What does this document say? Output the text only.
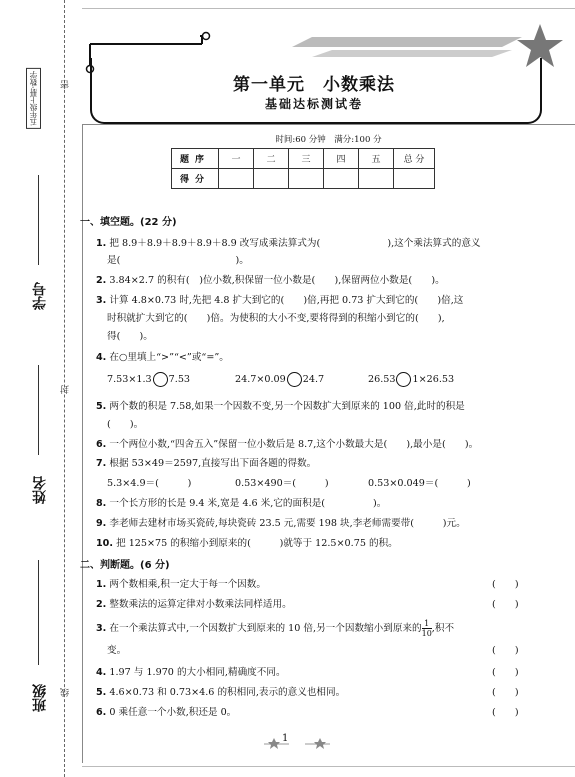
五年级上册·数学	密
封
线
学号
姓名
班级
第一单元　小数乘法
基础达标测试卷
时间:60 分钟　满分:100 分
题序	一	二	三	四	五	总 分
得分						
一、填空题。(22 分)
1. 把 8.9＋8.9＋8.9＋8.9＋8.9 改写成乘法算式为(　　　　　　　),这个乘法算式的意义
是(　　　　　　　　　　　　)。
2. 3.84×2.7 的积有(　)位小数,积保留一位小数是(　　),保留两位小数是(　　)。
3. 计算 4.8×0.73 时,先把 4.8 扩大到它的(　　)倍,再把 0.73 扩大到它的(　　)倍,这
时积就扩大到它的(　　)倍。为使积的大小不变,要将得到的积缩小到它的(　　),
得(　　)。
4. 在○里填上“>”“<”或“=”。
7.53×1.3 7.53	24.7×0.09 24.7	26.53 1×26.53
5. 两个数的积是 7.58,如果一个因数不变,另一个因数扩大到原来的 100 倍,此时的积是
(　　)。
6. 一个两位小数,“四舍五入”保留一位小数后是 8.7,这个小数最大是(　　),最小是(　　)。
7. 根据 53×49＝2597,直接写出下面各题的得数。
5.3×4.9＝(　　　)	0.53×490＝(　　　)	0.53×0.049＝(　　　)
8. 一个长方形的长是 9.4 米,宽是 4.6 米,它的面积是(　　　　　)。
9. 李老师去建材市场买瓷砖,每块瓷砖 23.5 元,需要 198 块,李老师需要带(　　　)元。
10. 把 125×75 的积缩小到原来的(　　　)就等于 12.5×0.75 的积。
二、判断题。(6 分)
1. 两个数相乘,积一定大于每一个因数。	(　　)
2. 整数乘法的运算定律对小数乘法同样适用。	(　　)
3. 在一个乘法算式中,一个因数扩大到原来的 10 倍,另一个因数缩小到原来的 $\frac{1}{10}$ ,积不
变。	(　　)
4. 1.97 与 1.970 的大小相同,精确度不同。	(　　)
5. 4.6×0.73 和 0.73×4.6 的积相同,表示的意义也相同。	(　　)
6. 0 乘任意一个小数,积还是 0。	(　　)
1
